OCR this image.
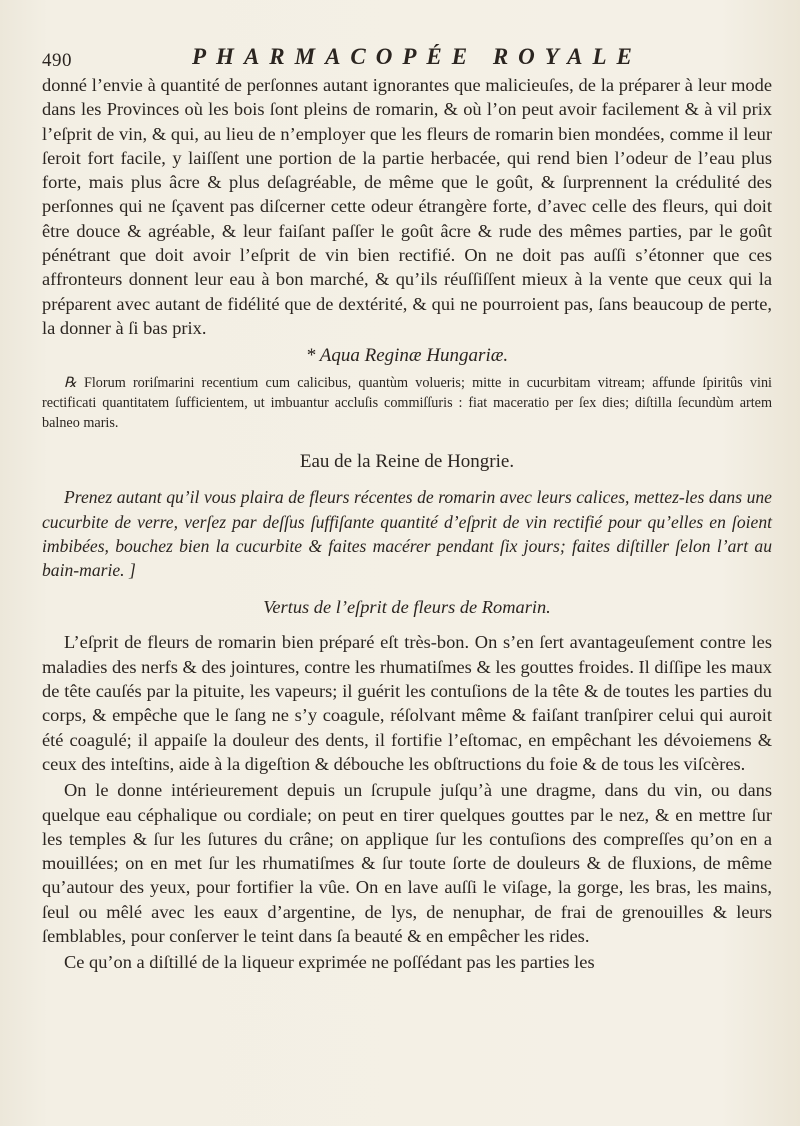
490	PHARMACOPÉE ROYALE

donné l’envie à quantité de perſonnes autant ignorantes que malicieuſes, de la préparer à leur mode dans les Provinces où les bois ſont pleins de romarin, & où l’on peut avoir facilement & à vil prix l’eſprit de vin, & qui, au lieu de n’employer que les fleurs de romarin bien mondées, comme il leur ſeroit fort facile, y laiſſent une portion de la partie herbacée, qui rend bien l’odeur de l’eau plus forte, mais plus âcre & plus deſagréable, de même que le goût, & ſurprennent la crédulité des perſonnes qui ne ſçavent pas diſcerner cette odeur étrangère forte, d’avec celle des fleurs, qui doit être douce & agréable, & leur faiſant paſſer le goût âcre & rude des mêmes parties, par le goût pénétrant que doit avoir l’eſprit de vin bien rectifié. On ne doit pas auſſi s’étonner que ces affronteurs donnent leur eau à bon marché, & qu’ils réuſſiſſent mieux à la vente que ceux qui la préparent avec autant de fidélité que de dextérité, & qui ne pourroient pas, ſans beaucoup de perte, la donner à ſi bas prix.

* Aqua Reginæ Hungariæ.

℞ Florum roriſmarini recentium cum calicibus, quantùm volueris; mitte in cucurbitam vitream; affunde ſpiritûs vini rectificati quantitatem ſufficientem, ut imbuantur accluſis commiſſuris : fiat maceratio per ſex dies; diſtilla ſecundùm artem balneo maris.

Eau de la Reine de Hongrie.

Prenez autant qu’il vous plaira de fleurs récentes de romarin avec leurs calices, mettez-les dans une cucurbite de verre, verſez par deſſus ſuffiſante quantité d’eſprit de vin rectifié pour qu’elles en ſoient imbibées, bouchez bien la cucurbite & faites macérer pendant ſix jours; faites diſtiller ſelon l’art au bain-marie. ]

Vertus de l’eſprit de fleurs de Romarin.

L’eſprit de fleurs de romarin bien préparé eſt très-bon. On s’en ſert avantageuſement contre les maladies des nerfs & des jointures, contre les rhumatiſmes & les gouttes froides. Il diſſipe les maux de tête cauſés par la pituite, les vapeurs; il guérit les contuſions de la tête & de toutes les parties du corps, & empêche que le ſang ne s’y coagule, réſolvant même & faiſant tranſpirer celui qui auroit été coagulé; il appaiſe la douleur des dents, il fortifie l’eſtomac, en empêchant les dévoiemens & ceux des inteſtins, aide à la digeſtion & débouche les obſtructions du foie & de tous les viſcères.

On le donne intérieurement depuis un ſcrupule juſqu’à une dragme, dans du vin, ou dans quelque eau céphalique ou cordiale; on peut en tirer quelques gouttes par le nez, & en mettre ſur les temples & ſur les ſutures du crâne; on applique ſur les contuſions des compreſſes qu’on en a mouillées; on en met ſur les rhumatiſmes & ſur toute ſorte de douleurs & de fluxions, de même qu’autour des yeux, pour fortifier la vûe. On en lave auſſi le viſage, la gorge, les bras, les mains, ſeul ou mêlé avec les eaux d’argentine, de lys, de nenuphar, de frai de grenouilles & leurs ſemblables, pour conſerver le teint dans ſa beauté & en empêcher les rides.

Ce qu’on a diſtillé de la liqueur exprimée ne poſſédant pas les parties les
